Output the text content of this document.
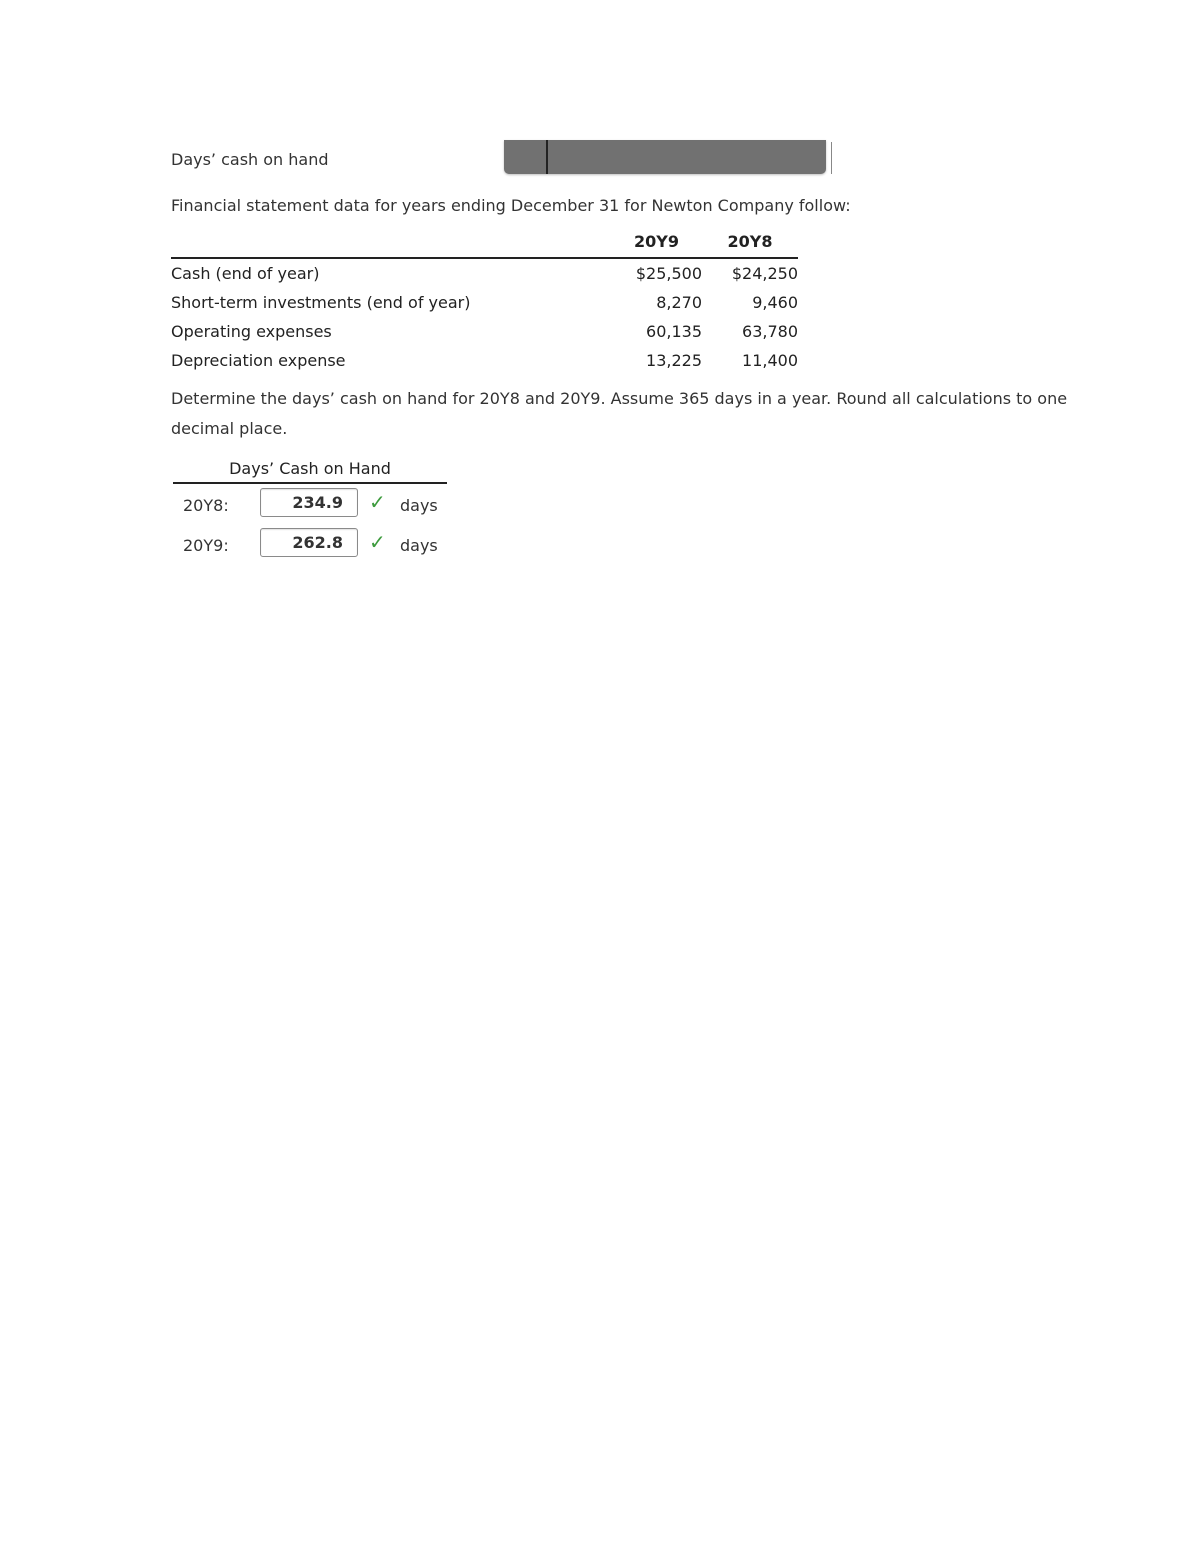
Days’ cash on hand
Financial statement data for years ending December 31 for Newton Company follow:
	20Y9	20Y8
Cash (end of year)	$25,500	$24,250
Short-term investments (end of year)	8,270	9,460
Operating expenses	60,135	63,780
Depreciation expense	13,225	11,400
Determine the days’ cash on hand for 20Y8 and 20Y9. Assume 365 days in a year. Round all calculations to one decimal place.
Days’ Cash on Hand
20Y8:	234.9	✓ days
20Y9:	262.8	✓ days
